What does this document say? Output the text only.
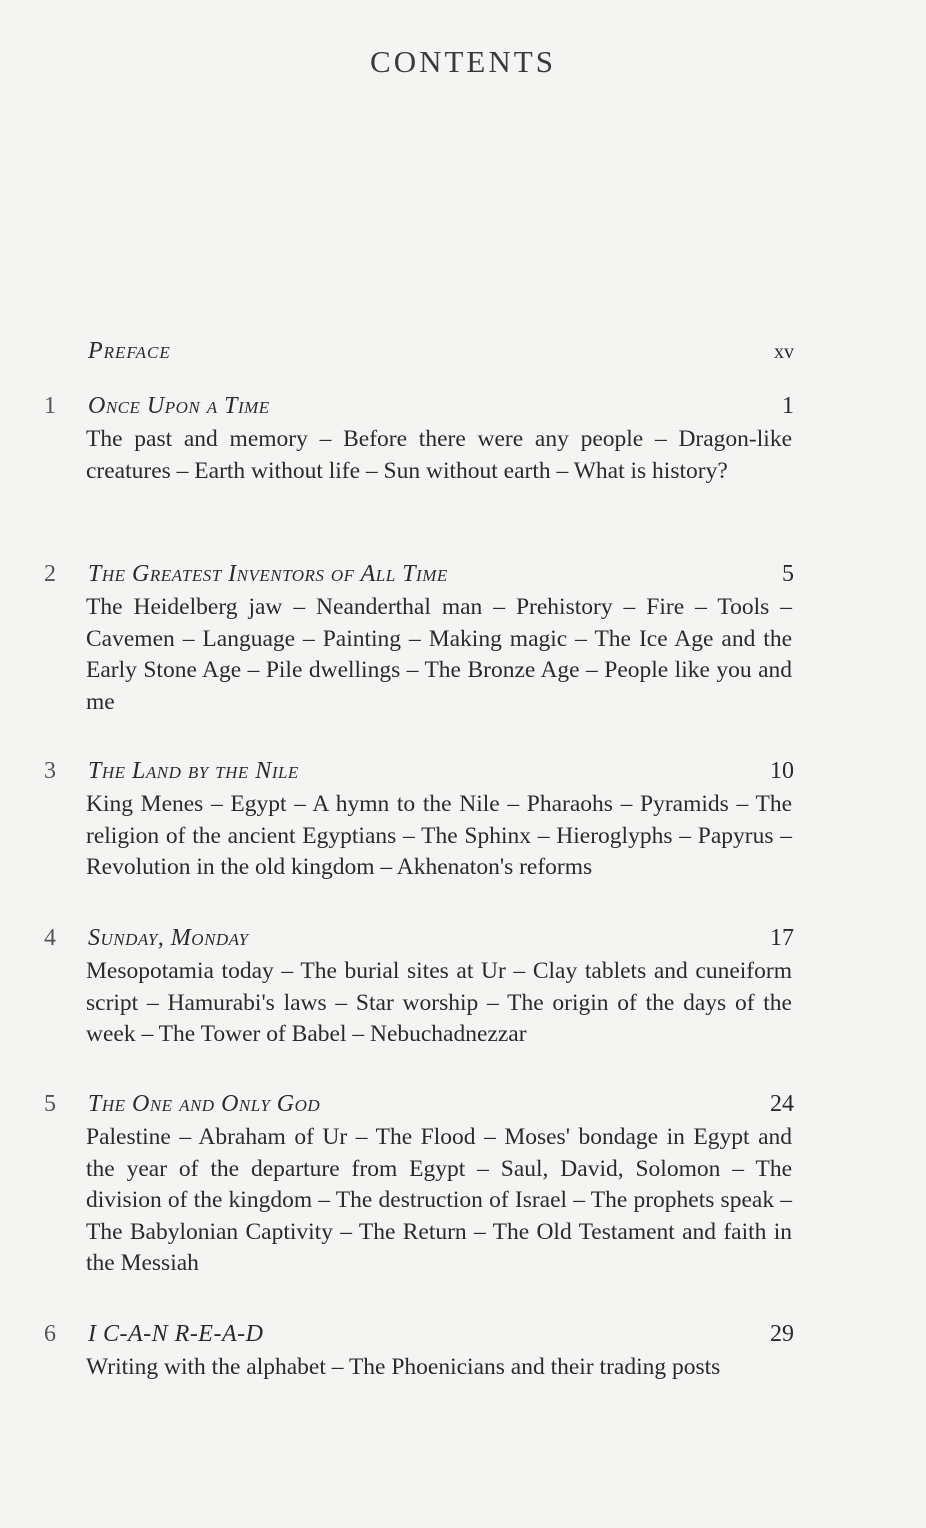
CONTENTS
Preface	xv
1	Once Upon a Time	1
The past and memory – Before there were any people – Dragon-like creatures – Earth without life – Sun without earth – What is history?
2	The Greatest Inventors of All Time	5
The Heidelberg jaw – Neanderthal man – Prehistory – Fire – Tools – Cavemen – Language – Painting – Making magic – The Ice Age and the Early Stone Age – Pile dwellings – The Bronze Age – People like you and me
3	The Land by the Nile	10
King Menes – Egypt – A hymn to the Nile – Pharaohs – Pyramids – The religion of the ancient Egyptians – The Sphinx – Hieroglyphs – Papyrus – Revolution in the old kingdom – Akhenaton's reforms
4	Sunday, Monday	17
Mesopotamia today – The burial sites at Ur – Clay tablets and cuneiform script – Hamurabi's laws – Star worship – The origin of the days of the week – The Tower of Babel – Nebuchadnezzar
5	The One and Only God	24
Palestine – Abraham of Ur – The Flood – Moses' bondage in Egypt and the year of the departure from Egypt – Saul, David, Solomon – The division of the kingdom – The destruction of Israel – The prophets speak – The Babylonian Captivity – The Return – The Old Testament and faith in the Messiah
6	I C-A-N R-E-A-D	29
Writing with the alphabet – The Phoenicians and their trading posts
